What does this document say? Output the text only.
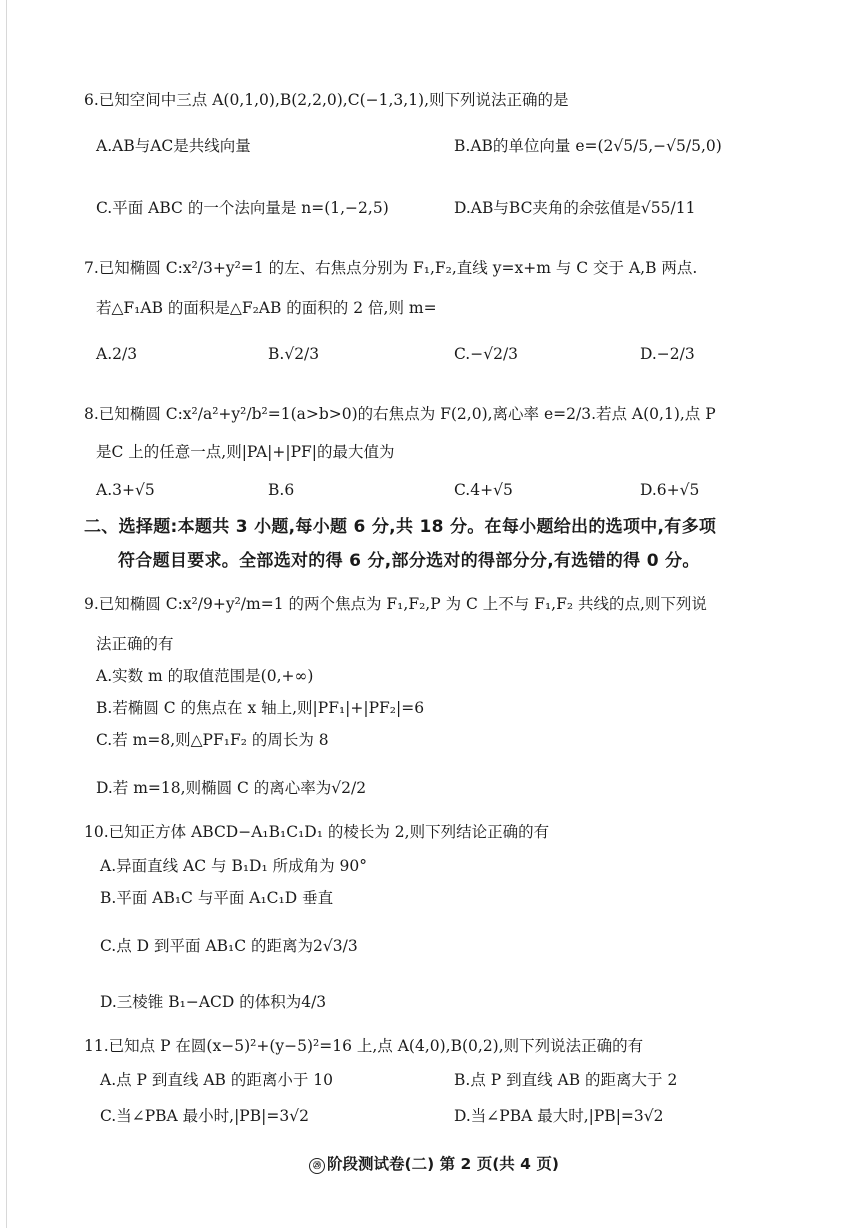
6.已知空间中三点 A(0,1,0),B(2,2,0),C(−1,3,1),则下列说法正确的是
A.AB与AC是共线向量	B.AB的单位向量 e=(2√5/5,−√5/5,0)
C.平面 ABC 的一个法向量是 n=(1,−2,5)	D.AB与BC夹角的余弦值是√55/11
7.已知椭圆 C:x²/3+y²=1 的左、右焦点分别为 F₁,F₂,直线 y=x+m 与 C 交于 A,B 两点.
若△F₁AB 的面积是△F₂AB 的面积的 2 倍,则 m=
A.2/3	B.√2/3	C.−√2/3	D.−2/3
8.已知椭圆 C:x²/a²+y²/b²=1(a>b>0)的右焦点为 F(2,0),离心率 e=2/3.若点 A(0,1),点 P
是C 上的任意一点,则|PA|+|PF|的最大值为
A.3+√5	B.6	C.4+√5	D.6+√5
二、选择题:本题共 3 小题,每小题 6 分,共 18 分。在每小题给出的选项中,有多项
符合题目要求。全部选对的得 6 分,部分选对的得部分分,有选错的得 0 分。
9.已知椭圆 C:x²/9+y²/m=1 的两个焦点为 F₁,F₂,P 为 C 上不与 F₁,F₂ 共线的点,则下列说
法正确的有
A.实数 m 的取值范围是(0,+∞)
B.若椭圆 C 的焦点在 x 轴上,则|PF₁|+|PF₂|=6
C.若 m=8,则△PF₁F₂ 的周长为 8
D.若 m=18,则椭圆 C 的离心率为√2/2
10.已知正方体 ABCD−A₁B₁C₁D₁ 的棱长为 2,则下列结论正确的有
A.异面直线 AC 与 B₁D₁ 所成角为 90°
B.平面 AB₁C 与平面 A₁C₁D 垂直
C.点 D 到平面 AB₁C 的距离为2√3/3
D.三棱锥 B₁−ACD 的体积为4/3
11.已知点 P 在圆(x−5)²+(y−5)²=16 上,点 A(4,0),B(0,2),则下列说法正确的有
A.点 P 到直线 AB 的距离小于 10	B.点 P 到直线 AB 的距离大于 2
C.当∠PBA 最小时,|PB|=3√2	D.当∠PBA 最大时,|PB|=3√2
㉙ 阶段测试卷(二) 第 2 页(共 4 页)
